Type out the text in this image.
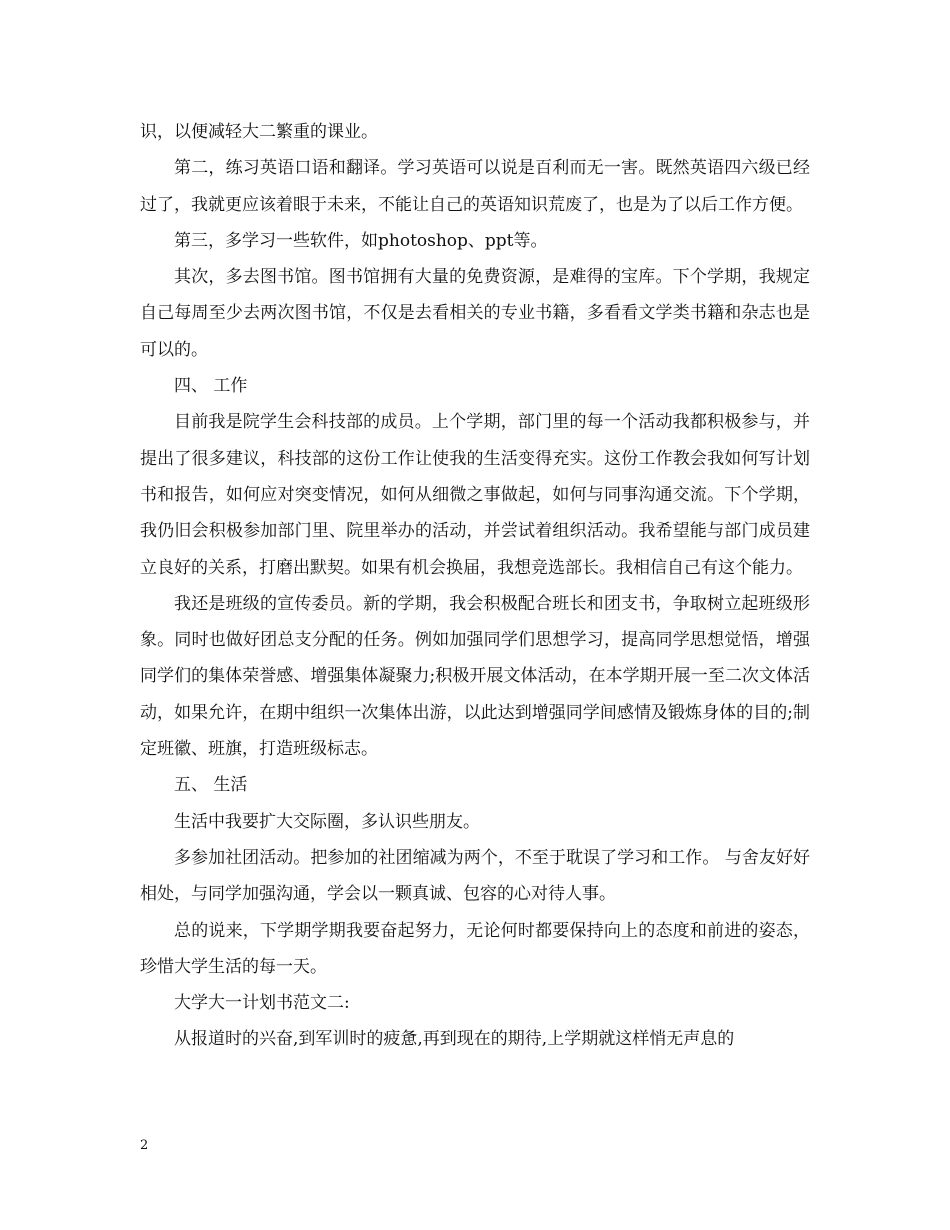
识，以便减轻大二繁重的课业。

第二，练习英语口语和翻译。学习英语可以说是百利而无一害。既然英语四六级已经过了，我就更应该着眼于未来，不能让自己的英语知识荒废了，也是为了以后工作方便。

第三，多学习一些软件，如photoshop、ppt等。

其次，多去图书馆。图书馆拥有大量的免费资源，是难得的宝库。下个学期，我规定自己每周至少去两次图书馆，不仅是去看相关的专业书籍，多看看文学类书籍和杂志也是可以的。

四、 工作

目前我是院学生会科技部的成员。上个学期，部门里的每一个活动我都积极参与，并提出了很多建议，科技部的这份工作让使我的生活变得充实。这份工作教会我如何写计划书和报告，如何应对突变情况，如何从细微之事做起，如何与同事沟通交流。下个学期，我仍旧会积极参加部门里、院里举办的活动，并尝试着组织活动。我希望能与部门成员建立良好的关系，打磨出默契。如果有机会换届，我想竞选部长。我相信自己有这个能力。

我还是班级的宣传委员。新的学期，我会积极配合班长和团支书，争取树立起班级形象。同时也做好团总支分配的任务。例如加强同学们思想学习，提高同学思想觉悟，增强同学们的集体荣誉感、增强集体凝聚力;积极开展文体活动，在本学期开展一至二次文体活动，如果允许，在期中组织一次集体出游，以此达到增强同学间感情及锻炼身体的目的;制定班徽、班旗，打造班级标志。

五、 生活

生活中我要扩大交际圈，多认识些朋友。

多参加社团活动。把参加的社团缩减为两个，不至于耽误了学习和工作。 与舍友好好相处，与同学加强沟通，学会以一颗真诚、包容的心对待人事。

总的说来，下学期学期我要奋起努力，无论何时都要保持向上的态度和前进的姿态，珍惜大学生活的每一天。

大学大一计划书范文二:

从报道时的兴奋,到军训时的疲惫,再到现在的期待,上学期就这样悄无声息的

2
